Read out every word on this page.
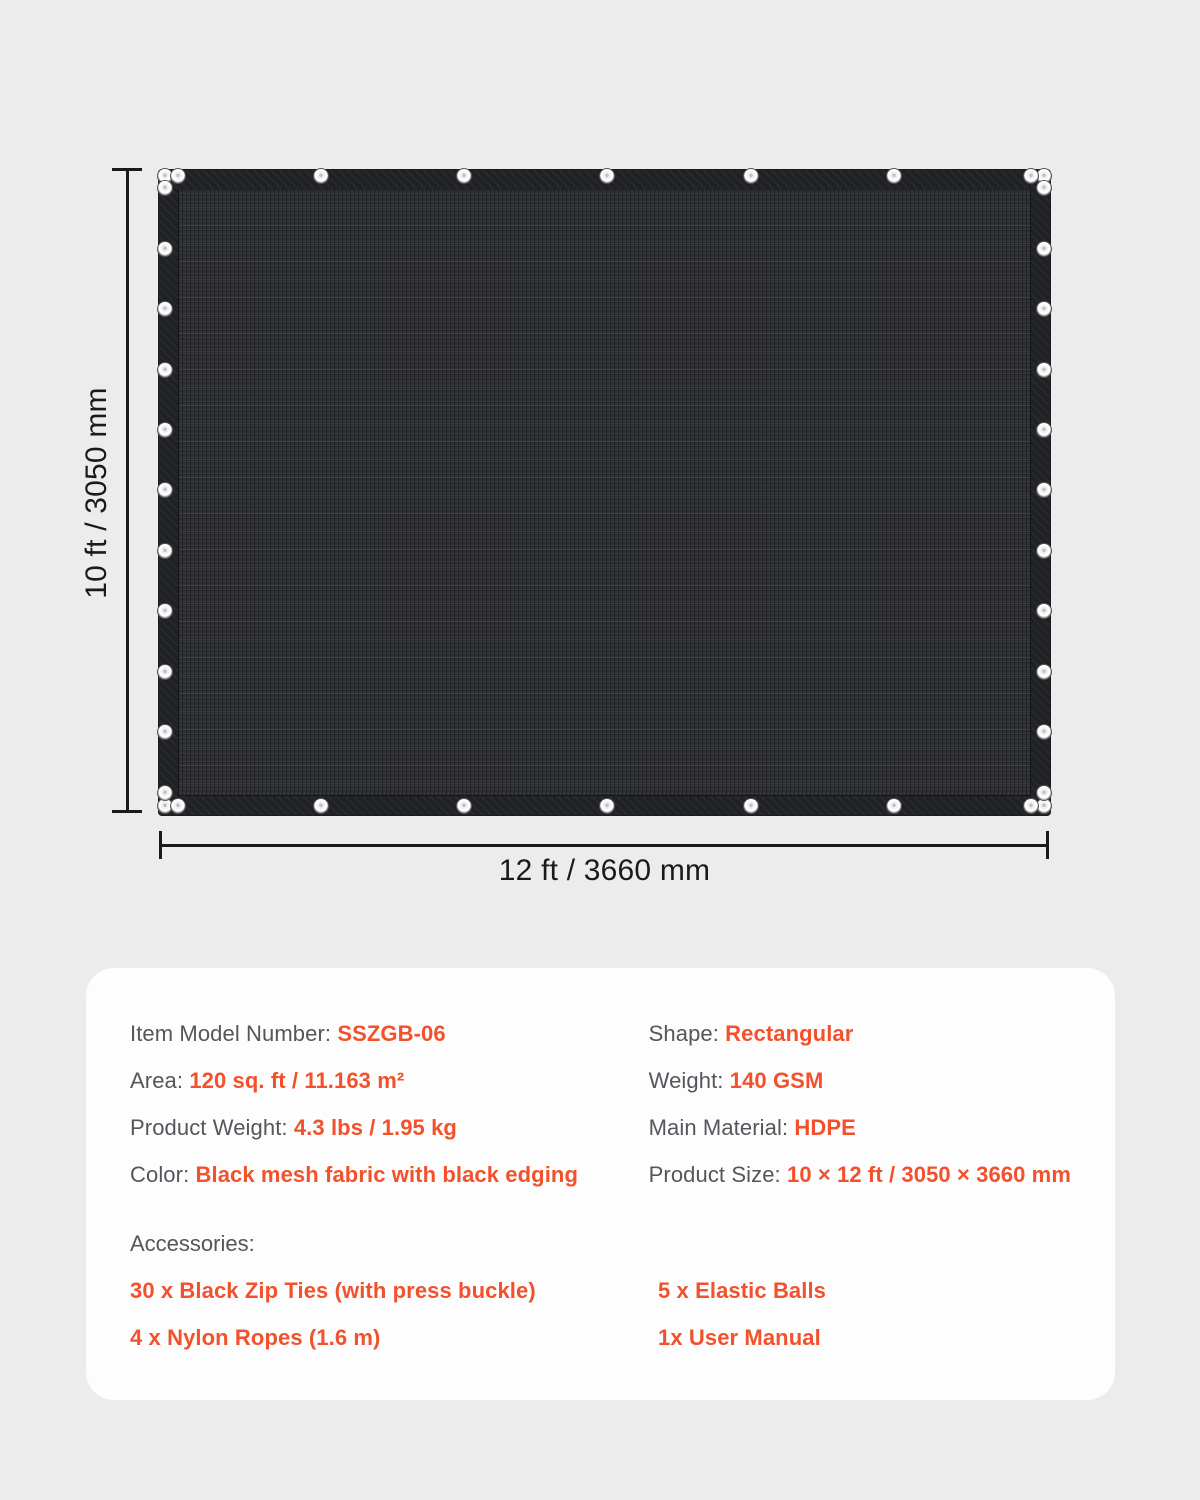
10 ft / 3050 mm
12 ft / 3660 mm
Item Model Number: SSZGB-06
Area: 120 sq. ft / 11.163 m²
Product Weight: 4.3 lbs / 1.95 kg
Color: Black mesh fabric with black edging
Shape: Rectangular
Weight: 140 GSM
Main Material: HDPE
Product Size: 10 × 12 ft / 3050 × 3660 mm
Accessories:
30 x Black Zip Ties (with press buckle)
4 x Nylon Ropes (1.6 m)
5 x Elastic Balls
1x User Manual
